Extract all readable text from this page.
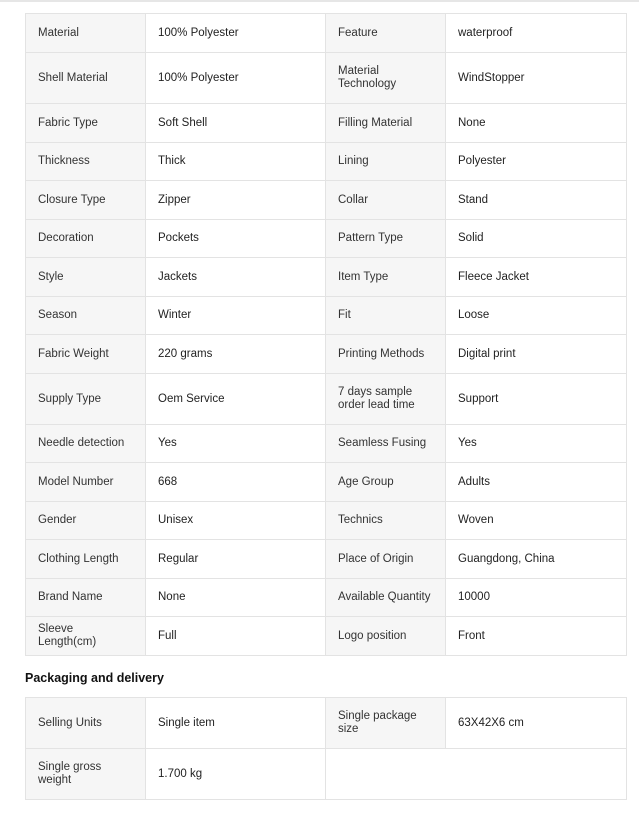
Material	100% Polyester	Feature	waterproof
Shell Material	100% Polyester	Material Technology	WindStopper
Fabric Type	Soft Shell	Filling Material	None
Thickness	Thick	Lining	Polyester
Closure Type	Zipper	Collar	Stand
Decoration	Pockets	Pattern Type	Solid
Style	Jackets	Item Type	Fleece Jacket
Season	Winter	Fit	Loose
Fabric Weight	220 grams	Printing Methods	Digital print
Supply Type	Oem Service	7 days sample order lead time	Support
Needle detection	Yes	Seamless Fusing	Yes
Model Number	668	Age Group	Adults
Gender	Unisex	Technics	Woven
Clothing Length	Regular	Place of Origin	Guangdong, China
Brand Name	None	Available Quantity	10000
Sleeve Length(cm)	Full	Logo position	Front
Packaging and delivery
Selling Units	Single item	Single package size	63X42X6 cm
Single gross weight	1.700 kg		
